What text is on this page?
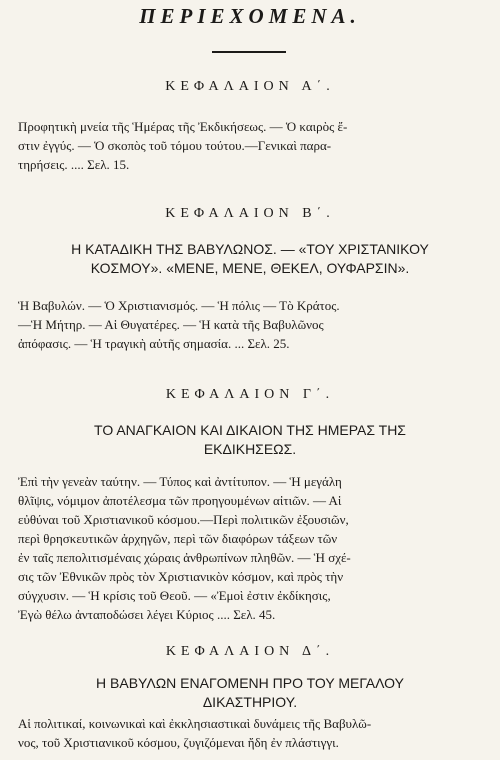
ΠΕΡΙΕΧΟΜΕΝΑ.
ΚΕΦΑΛΑΙΟΝ Α΄.
Προφητικὴ μνεία τῆς Ἡμέρας τῆς Ἐκδικήσεως. — Ὁ καιρὸς ἔ-
στιν ἐγγύς. — Ὁ σκοπὸς τοῦ τόμου τούτου.—Γενικαὶ παρα-
τηρήσεις. .... Σελ. 15.
ΚΕΦΑΛΑΙΟΝ Β΄.
Η ΚΑΤΑΔΙΚΗ ΤΗΣ ΒΑΒΥΛΩΝΟΣ. — «ΤΟΥ ΧΡΙΣΤΑΝΙΚΟΥ
ΚΟΣΜΟΥ». «ΜΕΝΕ, ΜΕΝΕ, ΘΕΚΕΛ, ΟΥΦΑΡΣΙΝ».
Ἡ Βαβυλών. — Ὁ Χριστιανισμός. — Ἡ πόλις — Τὸ Κράτος.
—Ἡ Μήτηρ. — Αἱ Θυγατέρες. — Ἡ κατὰ τῆς Βαβυλῶνος
ἀπόφασις. — Ἡ τραγικὴ αὐτῆς σημασία. ... Σελ. 25.
ΚΕΦΑΛΑΙΟΝ Γ΄.
ΤΟ ΑΝΑΓΚΑΙΟΝ ΚΑΙ ΔΙΚΑΙΟΝ ΤΗΣ ΗΜΕΡΑΣ ΤΗΣ
ΕΚΔΙΚΗΣΕΩΣ.
Ἐπὶ τὴν γενεὰν ταύτην. — Τύπος καὶ ἀντίτυπον. — Ἡ μεγάλη
θλῖψις, νόμιμον ἀποτέλεσμα τῶν προηγουμένων αἰτιῶν. — Αἱ
εὐθύναι τοῦ Χριστιανικοῦ κόσμου.—Περὶ πολιτικῶν ἐξουσιῶν,
περὶ θρησκευτικῶν ἀρχηγῶν, περὶ τῶν διαφόρων τάξεων τῶν
ἐν ταῖς πεπολιτισμέναις χώραις ἀνθρωπίνων πληθῶν. — Ἡ σχέ-
σις τῶν Ἐθνικῶν πρὸς τὸν Χριστιανικὸν κόσμον, καὶ πρὸς τὴν
σύγχυσιν. — Ἡ κρίσις τοῦ Θεοῦ. — «Ἐμοὶ ἐστιν ἐκδίκησις,
Ἐγὼ θέλω ἀνταποδώσει λέγει Κύριος .... Σελ. 45.
ΚΕΦΑΛΑΙΟΝ Δ΄.
Η ΒΑΒΥΛΩΝ ΕΝΑΓΟΜΕΝΗ ΠΡΟ ΤΟΥ ΜΕΓΑΛΟΥ
ΔΙΚΑΣΤΗΡΙΟΥ.
Αἱ πολιτικαί, κοινωνικαὶ καὶ ἐκκλησιαστικαὶ δυνάμεις τῆς Βαβυλῶ-
νος, τοῦ Χριστιανικοῦ κόσμου, ζυγιζόμεναι ἤδη ἐν πλάστιγγι.
